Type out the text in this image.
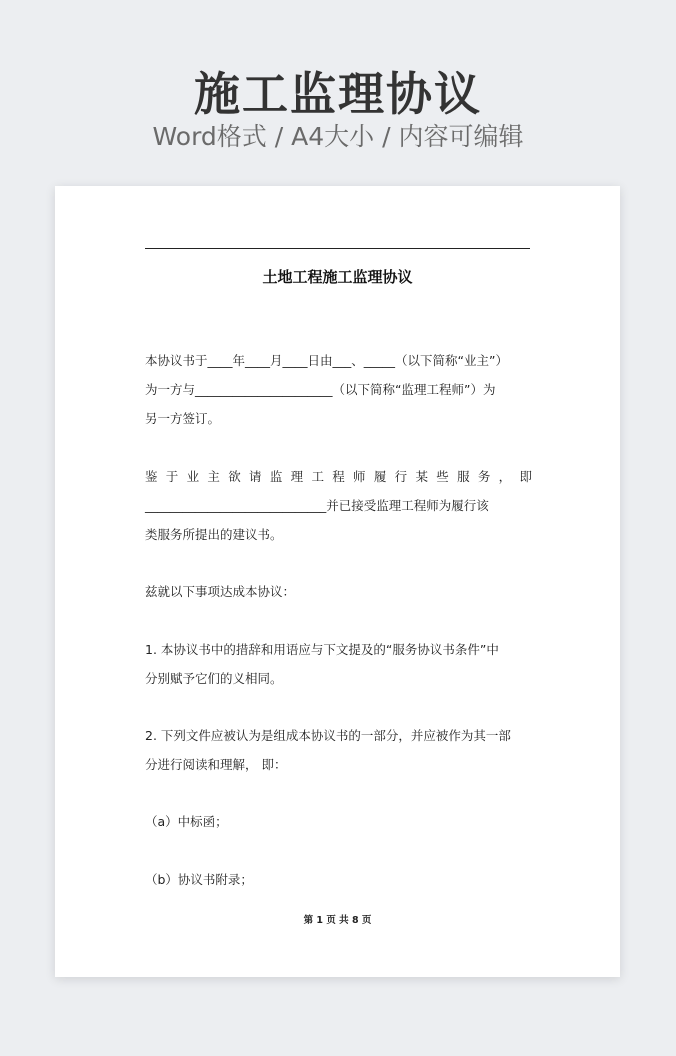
施工监理协议
Word格式 / A4大小 / 内容可编辑
土地工程施工监理协议
本协议书于____年____月____日由___、_____（以下简称“业主”）
为一方与______________________（以下简称“监理工程师”）为
另一方签订。
鉴于业主欲请监理工程师履行某些服务，即
_____________________________并已接受监理工程师为履行该
类服务所提出的建议书。
兹就以下事项达成本协议：
1. 本协议书中的措辞和用语应与下文提及的“服务协议书条件”中
分别赋予它们的义相同。
2. 下列文件应被认为是组成本协议书的一部分，并应被作为其一部
分进行阅读和理解， 即：
（a）中标函；
（b）协议书附录；
第 1 页 共 8 页
